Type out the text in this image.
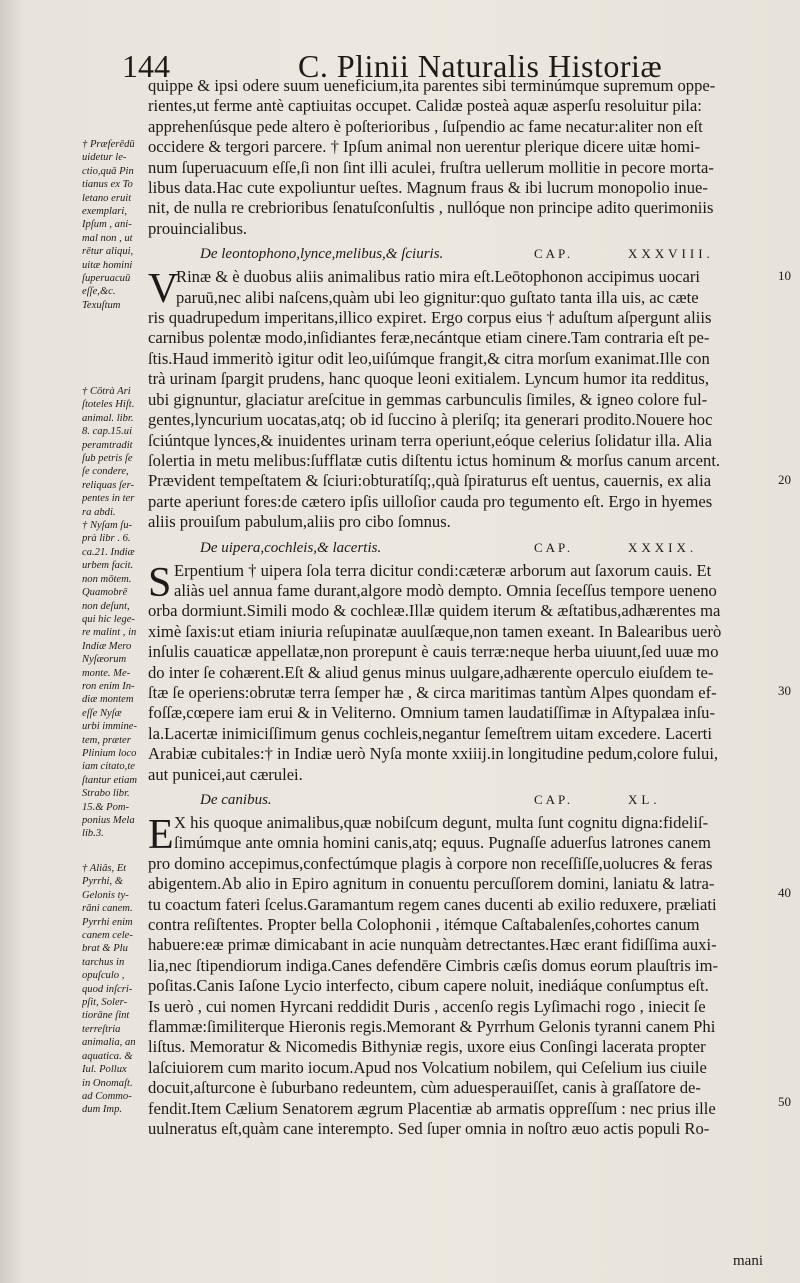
144	C. Plinii Naturalis Historiæ
quippe & ipsi odere suum ueneficium,ita parentes sibi terminúmque supremum oppe-
rientes,ut ferme antè captiuitas occupet. Calidæ posteà aquæ asperſu resoluitur pila:
apprehenſúsque pede altero è poſterioribus , ſuſpendio ac fame necatur:aliter non eſt
occidere & tergori parcere. † Ipſum animal non uerentur plerique dicere uitæ homi-
num ſuperuacuum eſſe,ſi non ſint illi aculei, fruſtra uellerum mollitie in pecore morta-
libus data.Hac cute expoliuntur ueſtes. Magnum fraus & ibi lucrum monopolio inue-
nit, de nulla re crebrioribus ſenatuſconſultis , nullóque non principe adito querimoniis
prouincialibus.
De leontophono,lynce,melibus,& ſciuris.	CAP.	XXXVIII.
V
Rinæ & è duobus aliis animalibus ratio mira eſt.Leōtophonon accipimus uocari
paruū,nec alibi naſcens,quàm ubi leo gignitur:quo guſtato tanta illa uis, ac cæte
ris quadrupedum imperitans,illico expiret. Ergo corpus eius † aduſtum aſpergunt aliis
carnibus polentæ modo,inſidiantes feræ,necántque etiam cinere.Tam contraria eſt pe-
ſtis.Haud immeritò igitur odit leo,uiſúmque frangit,& citra morſum exanimat.Ille con
trà urinam ſpargit prudens, hanc quoque leoni exitialem. Lyncum humor ita redditus,
ubi gignuntur, glaciatur areſcitue in gemmas carbunculis ſimiles, & igneo colore ful-
gentes,lyncurium uocatas,atq; ob id ſuccino à pleriſq; ita generari prodito.Nouere hoc
ſciúntque lynces,& inuidentes urinam terra operiunt,eóque celerius ſolidatur illa. Alia
ſolertia in metu melibus:ſufflatæ cutis diſtentu ictus hominum & morſus canum arcent.
Prævident tempeſtatem & ſciuri:obturatíſq;,quà ſpiraturus eſt uentus, cauernis, ex alia
parte aperiunt fores:de cætero ipſis uilloſior cauda pro tegumento eſt. Ergo in hyemes
aliis prouiſum pabulum,aliis pro cibo ſomnus.
De uipera,cochleis,& lacertis.	CAP.	XXXIX.
S Erpentium † uipera ſola terra dicitur condi:cæteræ arborum aut ſaxorum cauis. Et
aliàs uel annua fame durant,algore modò dempto. Omnia ſeceſſus tempore ueneno
orba dormiunt.Simili modo & cochleæ.Illæ quidem iterum & æſtatibus,adhærentes ma
ximè ſaxis:ut etiam iniuria reſupinatæ auulſæque,non tamen exeant. In Balearibus uerò
inſulis cauaticæ appellatæ,non prorepunt è cauis terræ:neque herba uiuunt,ſed uuæ mo
do inter ſe cohærent.Eſt & aliud genus minus uulgare,adhærente operculo eiuſdem te-
ſtæ ſe operiens:obrutæ terra ſemper hæ , & circa maritimas tantùm Alpes quondam ef-
foſſæ,cœpere iam erui & in Veliterno. Omnium tamen laudatiſſimæ in Aſtypalæa inſu-
la.Lacertæ inimiciſſimum genus cochleis,negantur ſemeſtrem uitam excedere. Lacerti
Arabiæ cubitales:† in Indiæ uerò Nyſa monte xxiiij.in longitudine pedum,colore fului,
aut punicei,aut cærulei.
De canibus.	CAP.	XL.
E X his quoque animalibus,quæ nobiſcum degunt, multa ſunt cognitu digna:fideliſ-
ſimúmque ante omnia homini canis,atq; equus. Pugnaſſe aduerſus latrones canem
pro domino accepimus,confectúmque plagis à corpore non receſſiſſe,uolucres & feras
abigentem.Ab alio in Epiro agnitum in conuentu percuſſorem domini, laniatu & latra-
tu coactum fateri ſcelus.Garamantum regem canes ducenti ab exilio reduxere, præliati
contra reſiſtentes. Propter bella Colophonii , itémque Caſtabalenſes,cohortes canum
habuere:eæ primæ dimicabant in acie nunquàm detrectantes.Hæc erant fidiſſima auxi-
lia,nec ſtipendiorum indiga.Canes defendēre Cimbris cæſis domus eorum plauſtris im-
poſitas.Canis Iaſone Lycio interfecto, cibum capere noluit, inediáque conſumptus eſt.
Is uerò , cui nomen Hyrcani reddidit Duris , accenſo regis Lyſimachi rogo , iniecit ſe
flammæ:ſimiliterque Hieronis regis.Memorant & Pyrrhum Gelonis tyranni canem Phi
liſtus. Memoratur & Nicomedis Bithyniæ regis, uxore eius Conſingi lacerata propter
laſciuiorem cum marito iocum.Apud nos Volcatium nobilem, qui Ceſelium ius ciuile
docuit,aſturcone è ſuburbano redeuntem, cùm aduesperauiſſet, canis à graſſatore de-
fendit.Item Cælium Senatorem ægrum Placentiæ ab armatis oppreſſum : nec prius ille
uulneratus eſt,quàm cane interempto. Sed ſuper omnia in noſtro æuo actis populi Ro-
† Præferēdū
uidetur le-
ctio,quā Pin
tianus ex To
letano eruit
exemplari,
Ipſum , ani-
mal non , ut
rētur aliqui,
uitæ homini
ſuperuacuū
eſſe,&c.
Texuſtum
† Cōtrà Ari
ſtoteles Hiſt.
animal. libr.
8. cap.15.ui
peramtradit
ſub petris ſe
ſe condere,
reliquas ſer-
pentes in ter
ra abdi.
† Nyſam ſu-
prà libr . 6.
ca.21. Indiæ
urbem facit.
non mōtem.
Quamobrē
non deſunt,
qui hic lege-
re malint , in
Indiæ Mero
Nyſæorum
monte. Me-
ron enim In-
diæ montem
eſſe Nyſæ
urbi immine-
tem, præter
Plinium loco
iam citato,te
ſtantur etiam
Strabo libr.
15.& Pom-
ponius Mela
lib.3.
† Aliâs, Et
Pyrrhi, &
Gelonis ty-
rāni canem.
Pyrrhi enim
canem cele-
brat & Plu
tarchus in
opuſculo ,
quod inſcri-
pſit, Soler-
tiorāne ſint
terreſtria
animalia, an
aquatica. &
Iul. Pollux
in Onomaſt.
ad Commo-
dum Imp.
10
20
30
40
50
mani
